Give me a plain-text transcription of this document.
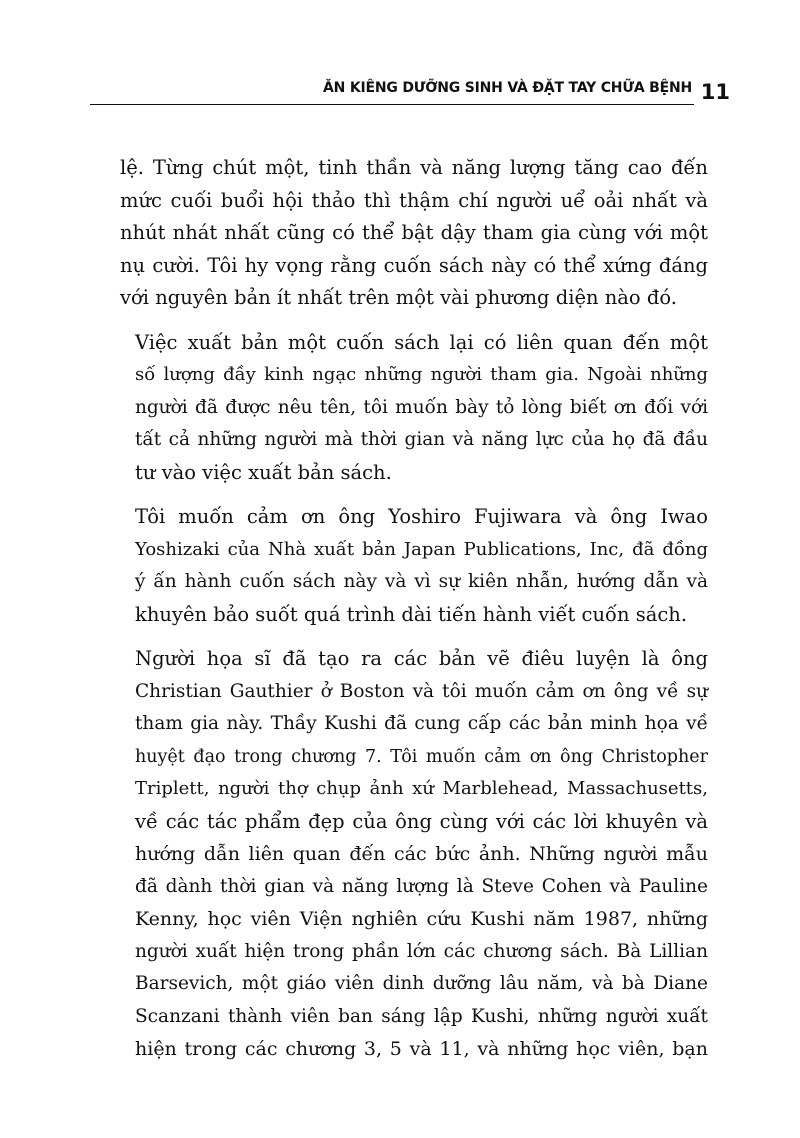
ĂN KIÊNG DƯỠNG SINH VÀ ĐẶT TAY CHỮA BỆNH 11
lệ. Từng chút một, tinh thần và năng lượng tăng cao đến
mức cuối buổi hội thảo thì thậm chí người uể oải nhất và
nhút nhát nhất cũng có thể bật dậy tham gia cùng với một
nụ cười. Tôi hy vọng rằng cuốn sách này có thể xứng đáng
với nguyên bản ít nhất trên một vài phương diện nào đó.
Việc xuất bản một cuốn sách lại có liên quan đến một
số lượng đầy kinh ngạc những người tham gia. Ngoài những
người đã được nêu tên, tôi muốn bày tỏ lòng biết ơn đối với
tất cả những người mà thời gian và năng lực của họ đã đầu
tư vào việc xuất bản sách.
Tôi muốn cảm ơn ông Yoshiro Fujiwara và ông Iwao
Yoshizaki của Nhà xuất bản Japan Publications, Inc, đã đồng
ý ấn hành cuốn sách này và vì sự kiên nhẫn, hướng dẫn và
khuyên bảo suốt quá trình dài tiến hành viết cuốn sách.
Người họa sĩ đã tạo ra các bản vẽ điêu luyện là ông
Christian Gauthier ở Boston và tôi muốn cảm ơn ông về sự
tham gia này. Thầy Kushi đã cung cấp các bản minh họa về
huyệt đạo trong chương 7. Tôi muốn cảm ơn ông Christopher
Triplett, người thợ chụp ảnh xứ Marblehead, Massachusetts,
về các tác phẩm đẹp của ông cùng với các lời khuyên và
hướng dẫn liên quan đến các bức ảnh. Những người mẫu
đã dành thời gian và năng lượng là Steve Cohen và Pauline
Kenny, học viên Viện nghiên cứu Kushi năm 1987, những
người xuất hiện trong phần lớn các chương sách. Bà Lillian
Barsevich, một giáo viên dinh dưỡng lâu năm, và bà Diane
Scanzani thành viên ban sáng lập Kushi, những người xuất
hiện trong các chương 3, 5 và 11, và những học viên, bạn
